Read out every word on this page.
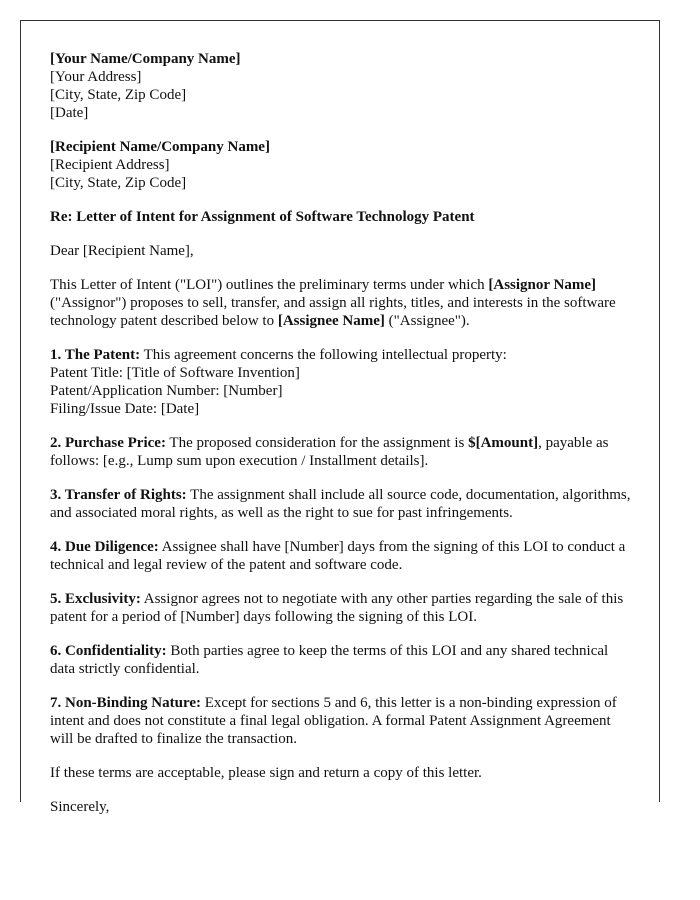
[Your Name/Company Name]
[Your Address]
[City, State, Zip Code]
[Date]

[Recipient Name/Company Name]
[Recipient Address]
[City, State, Zip Code]

Re: Letter of Intent for Assignment of Software Technology Patent

Dear [Recipient Name],

This Letter of Intent ("LOI") outlines the preliminary terms under which [Assignor Name] ("Assignor") proposes to sell, transfer, and assign all rights, titles, and interests in the software technology patent described below to [Assignee Name] ("Assignee").

1. The Patent: This agreement concerns the following intellectual property:
Patent Title: [Title of Software Invention]
Patent/Application Number: [Number]
Filing/Issue Date: [Date]

2. Purchase Price: The proposed consideration for the assignment is $[Amount], payable as follows: [e.g., Lump sum upon execution / Installment details].

3. Transfer of Rights: The assignment shall include all source code, documentation, algorithms, and associated moral rights, as well as the right to sue for past infringements.

4. Due Diligence: Assignee shall have [Number] days from the signing of this LOI to conduct a technical and legal review of the patent and software code.

5. Exclusivity: Assignor agrees not to negotiate with any other parties regarding the sale of this patent for a period of [Number] days following the signing of this LOI.

6. Confidentiality: Both parties agree to keep the terms of this LOI and any shared technical data strictly confidential.

7. Non-Binding Nature: Except for sections 5 and 6, this letter is a non-binding expression of intent and does not constitute a final legal obligation. A formal Patent Assignment Agreement will be drafted to finalize the transaction.

If these terms are acceptable, please sign and return a copy of this letter.

Sincerely,
